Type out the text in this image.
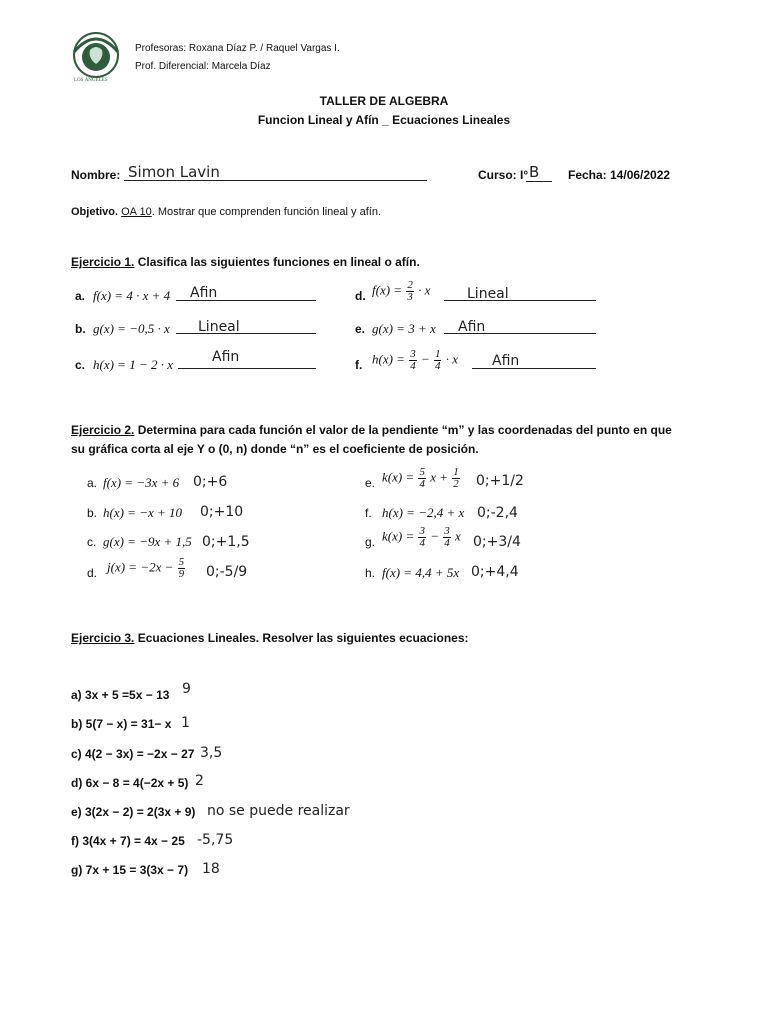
LOS ÁNGELES
Profesoras: Roxana Díaz P. / Raquel Vargas I.
Prof. Diferencial: Marcela Díaz
TALLER DE ALGEBRA
Funcion Lineal y Afín _ Ecuaciones Lineales
Nombre: Simon Lavin	Curso: I° B Fecha: 14/06/2022
Objetivo. OA 10. Mostrar que comprenden función lineal y afín.
Ejercicio 1. Clasifica las siguientes funciones en lineal o afín.
a. f(x) = 4 · x + 4 Afin
b. g(x) = −0,5 · x Lineal
c. h(x) = 1 − 2 · x	Afin
d. $f(x) = \frac{2}{3} \cdot x$	Lineal
e. g(x) = 3 + x Afin
f. $h(x) = \frac{3}{4} - \frac{1}{4} \cdot x$ Afin
Ejercicio 2. Determina para cada función el valor de la pendiente “m” y las coordenadas del punto en que
su gráfica corta al eje Y o (0, n) donde “n” es el coeficiente de posición.
a. f(x) = −3x + 6 0;+6
b. h(x) = −x + 10 0;+10
c. g(x) = −9x + 1,5 0;+1,5
d. $j(x) = -2x - \frac{5}{9}$ 0;-5/9
e. $k(x) = \frac{5}{4}$ $x + \frac{1}{2}$ 0;+1/2
f. h(x) = −2,4 + x 0;-2,4
g. $k(x) = \frac{3}{4} - \frac{3}{4}$ x 0;+3/4
h. f(x) = 4,4 + 5x 0;+4,4
Ejercicio 3. Ecuaciones Lineales. Resolver las siguientes ecuaciones:
a) 3x + 5 =5x − 13 9
b) 5(7 − x) = 31− x 1
c) 4(2 − 3x) = −2x − 27 3,5
d) 6x − 8 = 4(−2x + 5) 2
e) 3(2x − 2) = 2(3x + 9) no se puede realizar
f) 3(4x + 7) = 4x − 25 -5,75
g) 7x + 15 = 3(3x − 7) 18
